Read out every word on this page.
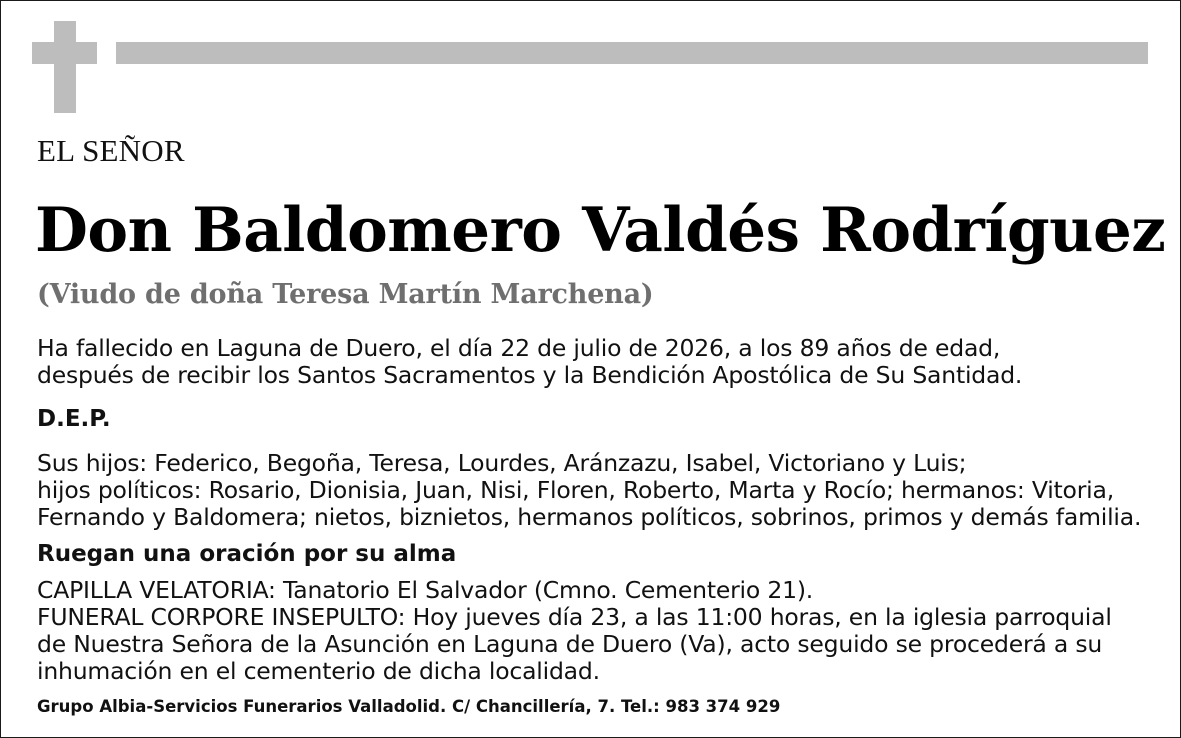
EL SEÑOR
Don Baldomero Valdés Rodríguez
(Viudo de doña Teresa Martín Marchena)
Ha fallecido en Laguna de Duero, el día 22 de julio de 2026, a los 89 años de edad,
después de recibir los Santos Sacramentos y la Bendición Apostólica de Su Santidad.
D.E.P.
Sus hijos: Federico, Begoña, Teresa, Lourdes, Aránzazu, Isabel, Victoriano y Luis;
hijos políticos: Rosario, Dionisia, Juan, Nisi, Floren, Roberto, Marta y Rocío; hermanos: Vitoria,
Fernando y Baldomera; nietos, biznietos, hermanos políticos, sobrinos, primos y demás familia.
Ruegan una oración por su alma
CAPILLA VELATORIA: Tanatorio El Salvador (Cmno. Cementerio 21).
FUNERAL CORPORE INSEPULTO: Hoy jueves día 23, a las 11:00 horas, en la iglesia parroquial
de Nuestra Señora de la Asunción en Laguna de Duero (Va), acto seguido se procederá a su
inhumación en el cementerio de dicha localidad.
Grupo Albia-Servicios Funerarios Valladolid. C/ Chancillería, 7. Tel.: 983 374 929
